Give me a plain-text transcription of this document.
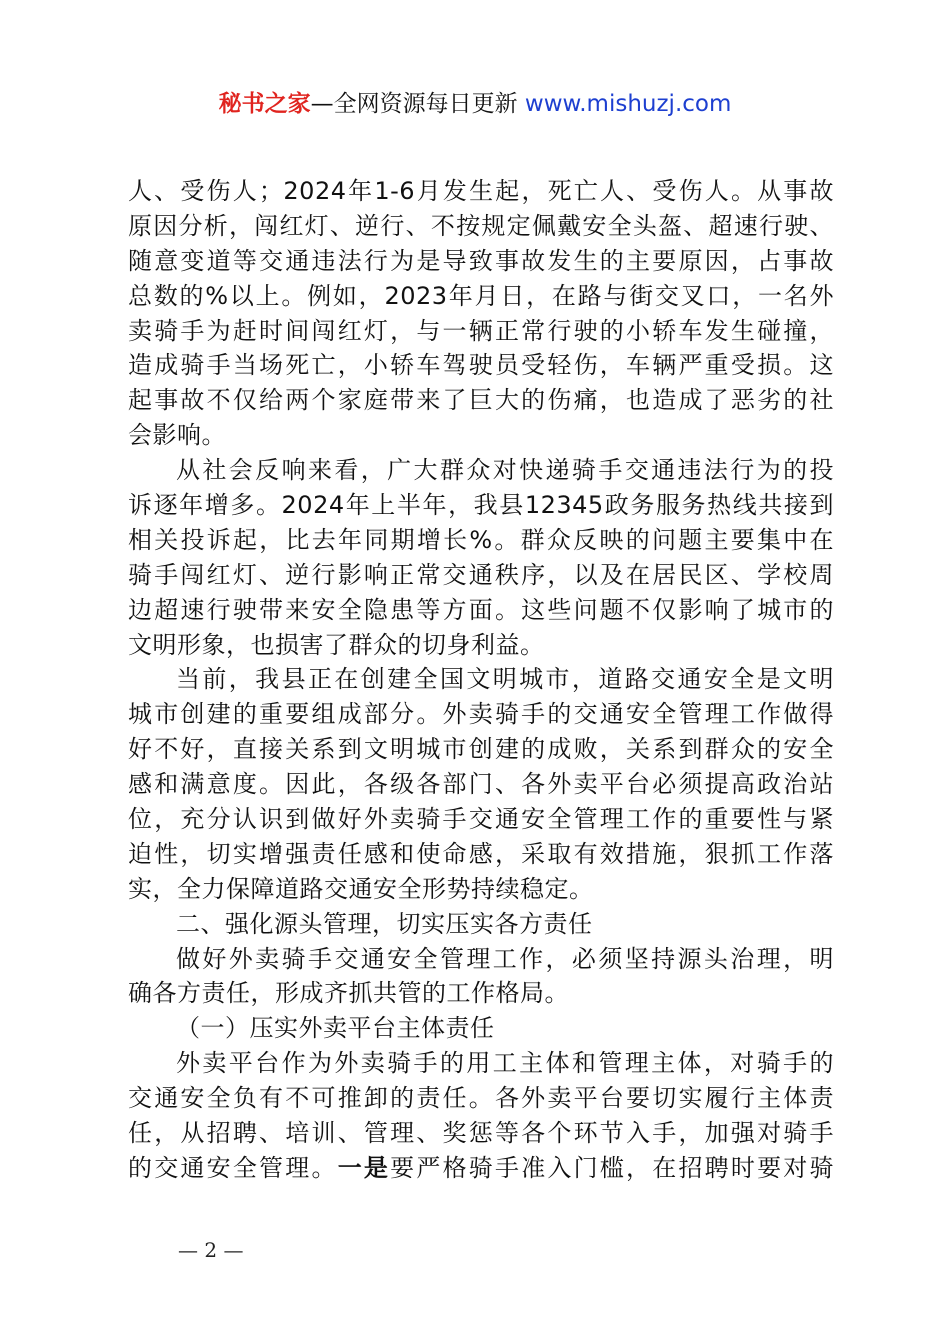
秘书之家—全网资源每日更新 www.mishuzj.com
人、受伤人；2024年1-6月发生起，死亡人、受伤人。从事故
原因分析，闯红灯、逆行、不按规定佩戴安全头盔、超速行驶、
随意变道等交通违法行为是导致事故发生的主要原因，占事故
总数的%以上。例如，2023年月日，在路与街交叉口，一名外
卖骑手为赶时间闯红灯，与一辆正常行驶的小轿车发生碰撞，
造成骑手当场死亡，小轿车驾驶员受轻伤，车辆严重受损。这
起事故不仅给两个家庭带来了巨大的伤痛，也造成了恶劣的社
会影响。
从社会反响来看，广大群众对快递骑手交通违法行为的投
诉逐年增多。2024年上半年，我县12345政务服务热线共接到
相关投诉起，比去年同期增长%。群众反映的问题主要集中在
骑手闯红灯、逆行影响正常交通秩序，以及在居民区、学校周
边超速行驶带来安全隐患等方面。这些问题不仅影响了城市的
文明形象，也损害了群众的切身利益。
当前，我县正在创建全国文明城市，道路交通安全是文明
城市创建的重要组成部分。外卖骑手的交通安全管理工作做得
好不好，直接关系到文明城市创建的成败，关系到群众的安全
感和满意度。因此，各级各部门、各外卖平台必须提高政治站
位，充分认识到做好外卖骑手交通安全管理工作的重要性与紧
迫性，切实增强责任感和使命感，采取有效措施，狠抓工作落
实，全力保障道路交通安全形势持续稳定。
二、强化源头管理，切实压实各方责任
做好外卖骑手交通安全管理工作，必须坚持源头治理，明
确各方责任，形成齐抓共管的工作格局。
（一）压实外卖平台主体责任
外卖平台作为外卖骑手的用工主体和管理主体，对骑手的
交通安全负有不可推卸的责任。各外卖平台要切实履行主体责
任，从招聘、培训、管理、奖惩等各个环节入手，加强对骑手
的交通安全管理。一是要严格骑手准入门槛，在招聘时要对骑
— 2 —
